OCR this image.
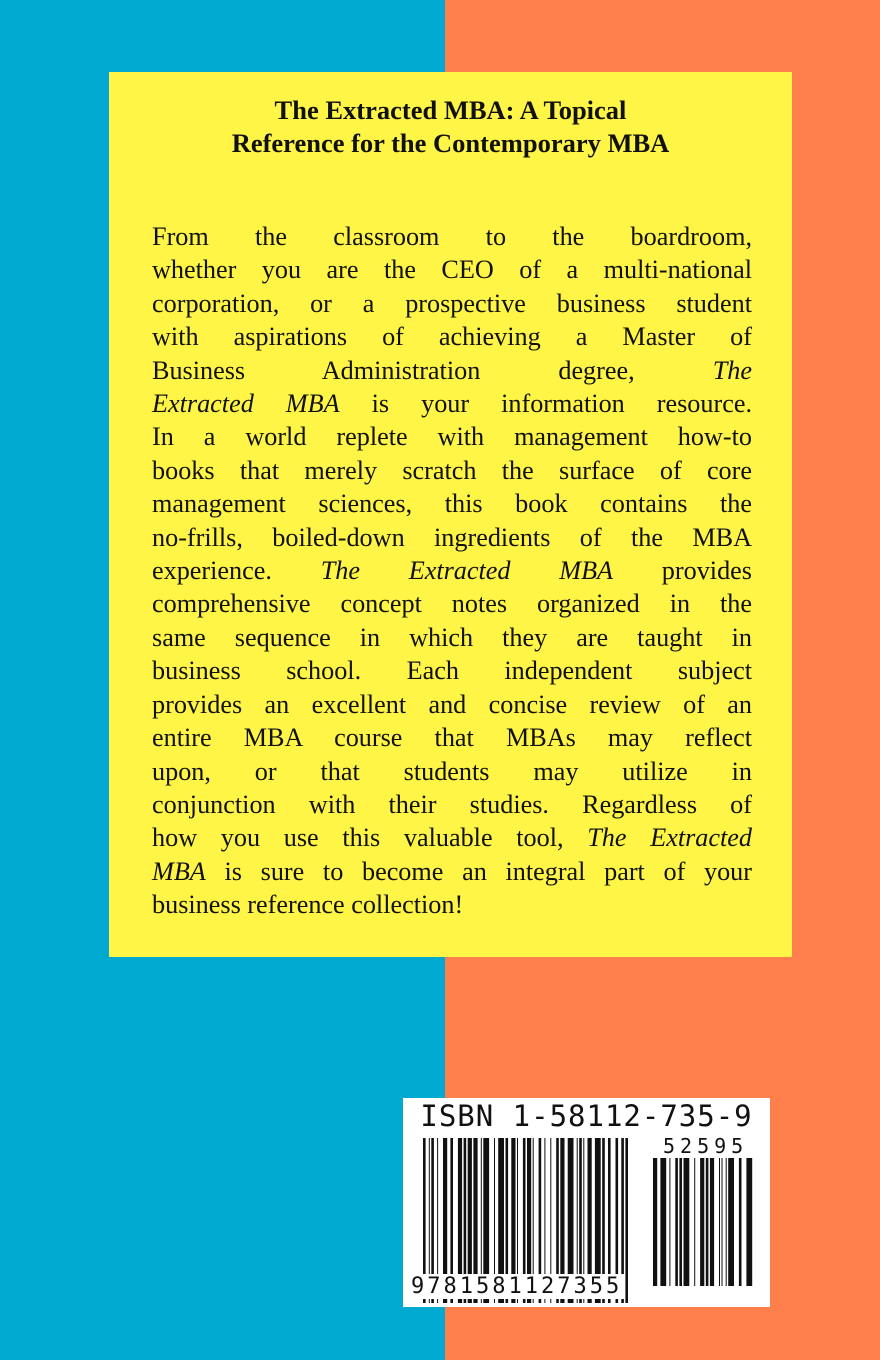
The Extracted MBA: A Topical
Reference for the Contemporary MBA
From the classroom to the boardroom,
whether you are the CEO of a multi-national
corporation, or a prospective business student
with aspirations of achieving a Master of
Business Administration degree, The
Extracted MBA is your information resource.
In a world replete with management how-to
books that merely scratch the surface of core
management sciences, this book contains the
no-frills, boiled-down ingredients of the MBA
experience. The Extracted MBA provides
comprehensive concept notes organized in the
same sequence in which they are taught in
business school. Each independent subject
provides an excellent and concise review of an
entire MBA course that MBAs may reflect
upon, or that students may utilize in
conjunction with their studies. Regardless of
how you use this valuable tool, The Extracted
MBA is sure to become an integral part of your
business reference collection!
ISBN 1-58112-735-9
52595
9781581127355
